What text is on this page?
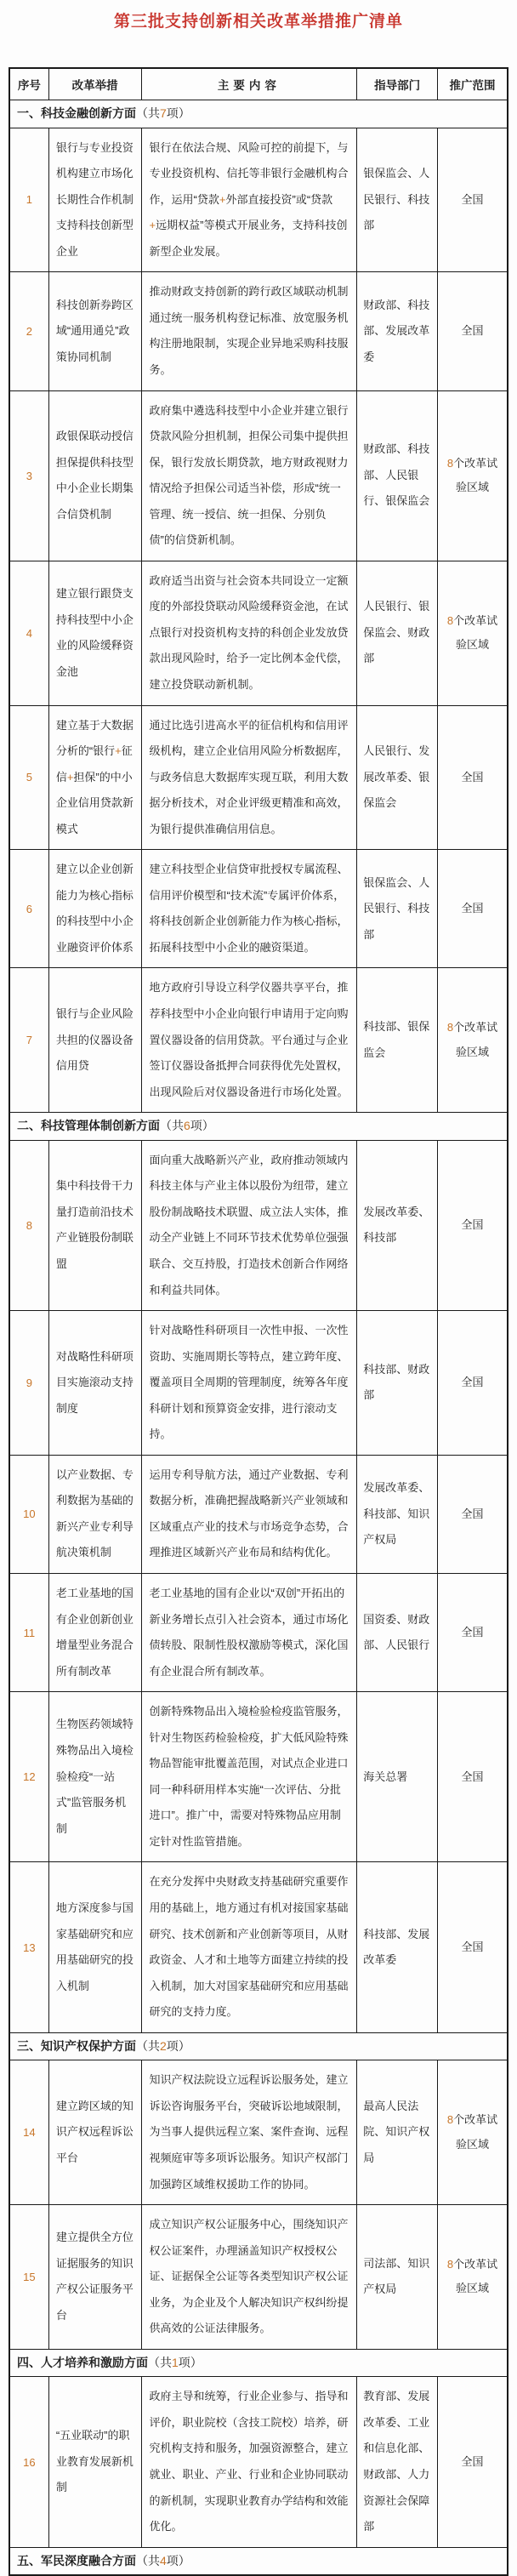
第三批支持创新相关改革举措推广清单
序号	改革举措	主要内容	指导部门	推广范围
一、科技金融创新方面（共7项）				
1	银行与专业投资机构建立市场化长期性合作机制支持科技创新型企业	银行在依法合规、风险可控的前提下，与专业投资机构、信托等非银行金融机构合作，运用“贷款+外部直接投资”或“贷款+远期权益”等模式开展业务，支持科技创新型企业发展。	银保监会、人民银行、科技部	全国
2	科技创新券跨区域“通用通兑”政策协同机制	推动财政支持创新的跨行政区域联动机制通过统一服务机构登记标准、放宽服务机构注册地限制，实现企业异地采购科技服务。	财政部、科技部、发展改革委	全国
3	政银保联动授信担保提供科技型中小企业长期集合信贷机制	政府集中遴选科技型中小企业并建立银行贷款风险分担机制，担保公司集中提供担保，银行发放长期贷款，地方财政视财力情况给予担保公司适当补偿，形成“统一管理、统一授信、统一担保、分别负债”的信贷新机制。	财政部、科技部、人民银行、银保监会	8个改革试验区域
4	建立银行跟贷支持科技型中小企业的风险缓释资金池	政府适当出资与社会资本共同设立一定额度的外部投贷联动风险缓释资金池，在试点银行对投资机构支持的科创企业发放贷款出现风险时，给予一定比例本金代偿，建立投贷联动新机制。	人民银行、银保监会、财政部	8个改革试验区域
5	建立基于大数据分析的“银行+征信+担保”的中小企业信用贷款新模式	通过比选引进高水平的征信机构和信用评级机构，建立企业信用风险分析数据库，与政务信息大数据库实现互联，利用大数据分析技术，对企业评级更精准和高效，为银行提供准确信用信息。	人民银行、发展改革委、银保监会	全国
6	建立以企业创新能力为核心指标的科技型中小企业融资评价体系	建立科技型企业信贷审批授权专属流程、信用评价模型和“技术流”专属评价体系，将科技创新企业创新能力作为核心指标，拓展科技型中小企业的融资渠道。	银保监会、人民银行、科技部	全国
7	银行与企业风险共担的仪器设备信用贷	地方政府引导设立科学仪器共享平台，推荐科技型中小企业向银行申请用于定向购置仪器设备的信用贷款。平台通过与企业签订仪器设备抵押合同获得优先处置权，出现风险后对仪器设备进行市场化处置。	科技部、银保监会	8个改革试验区域
二、科技管理体制创新方面（共6项）				
8	集中科技骨干力量打造前沿技术产业链股份制联盟	面向重大战略新兴产业，政府推动领域内科技主体与产业主体以股份为纽带，建立股份制战略技术联盟、成立法人实体，推动全产业链上不同环节技术优势单位强强联合、交互持股，打造技术创新合作网络和利益共同体。	发展改革委、科技部	全国
9	对战略性科研项目实施滚动支持制度	针对战略性科研项目一次性申报、一次性资助、实施周期长等特点，建立跨年度、覆盖项目全周期的管理制度，统筹各年度科研计划和预算资金安排，进行滚动支持。	科技部、财政部	全国
10	以产业数据、专利数据为基础的新兴产业专利导航决策机制	运用专利导航方法，通过产业数据、专利数据分析，准确把握战略新兴产业领域和区域重点产业的技术与市场竞争态势，合理推进区域新兴产业布局和结构优化。	发展改革委、科技部、知识产权局	全国
11	老工业基地的国有企业创新创业增量型业务混合所有制改革	老工业基地的国有企业以“双创”开拓出的新业务增长点引入社会资本，通过市场化债转股、限制性股权激励等模式，深化国有企业混合所有制改革。	国资委、财政部、人民银行	全国
12	生物医药领域特殊物品出入境检验检疫“一站式”监管服务机制	创新特殊物品出入境检验检疫监管服务，针对生物医药检验检疫，扩大低风险特殊物品智能审批覆盖范围，对试点企业进口同一种科研用样本实施“一次评估、分批进口”。推广中，需要对特殊物品应用制定针对性监管措施。	海关总署	全国
13	地方深度参与国家基础研究和应用基础研究的投入机制	在充分发挥中央财政支持基础研究重要作用的基础上，地方通过有机对接国家基础研究、技术创新和产业创新等项目，从财政资金、人才和土地等方面建立持续的投入机制，加大对国家基础研究和应用基础研究的支持力度。	科技部、发展改革委	全国
三、知识产权保护方面（共2项）				
14	建立跨区域的知识产权远程诉讼平台	知识产权法院设立远程诉讼服务处，建立诉讼咨询服务平台，突破诉讼地域限制，为当事人提供远程立案、案件查询、远程视频庭审等多项诉讼服务。知识产权部门加强跨区域维权援助工作的协同。	最高人民法院、知识产权局	8个改革试验区域
15	建立提供全方位证据服务的知识产权公证服务平台	成立知识产权公证服务中心，围绕知识产权公证案件，办理涵盖知识产权授权公证、证据保全公证等各类型知识产权公证业务，为企业及个人解决知识产权纠纷提供高效的公证法律服务。	司法部、知识产权局	8个改革试验区域
四、人才培养和激励方面（共1项）				
16	“五业联动”的职业教育发展新机制	政府主导和统筹，行业企业参与、指导和评价，职业院校（含技工院校）培养，研究机构支持和服务，加强资源整合，建立就业、职业、产业、行业和企业协同联动的新机制，实现职业教育办学结构和效能优化。	教育部、发展改革委、工业和信息化部、财政部、人力资源社会保障部	全国
五、军民深度融合方面（共4项）				
